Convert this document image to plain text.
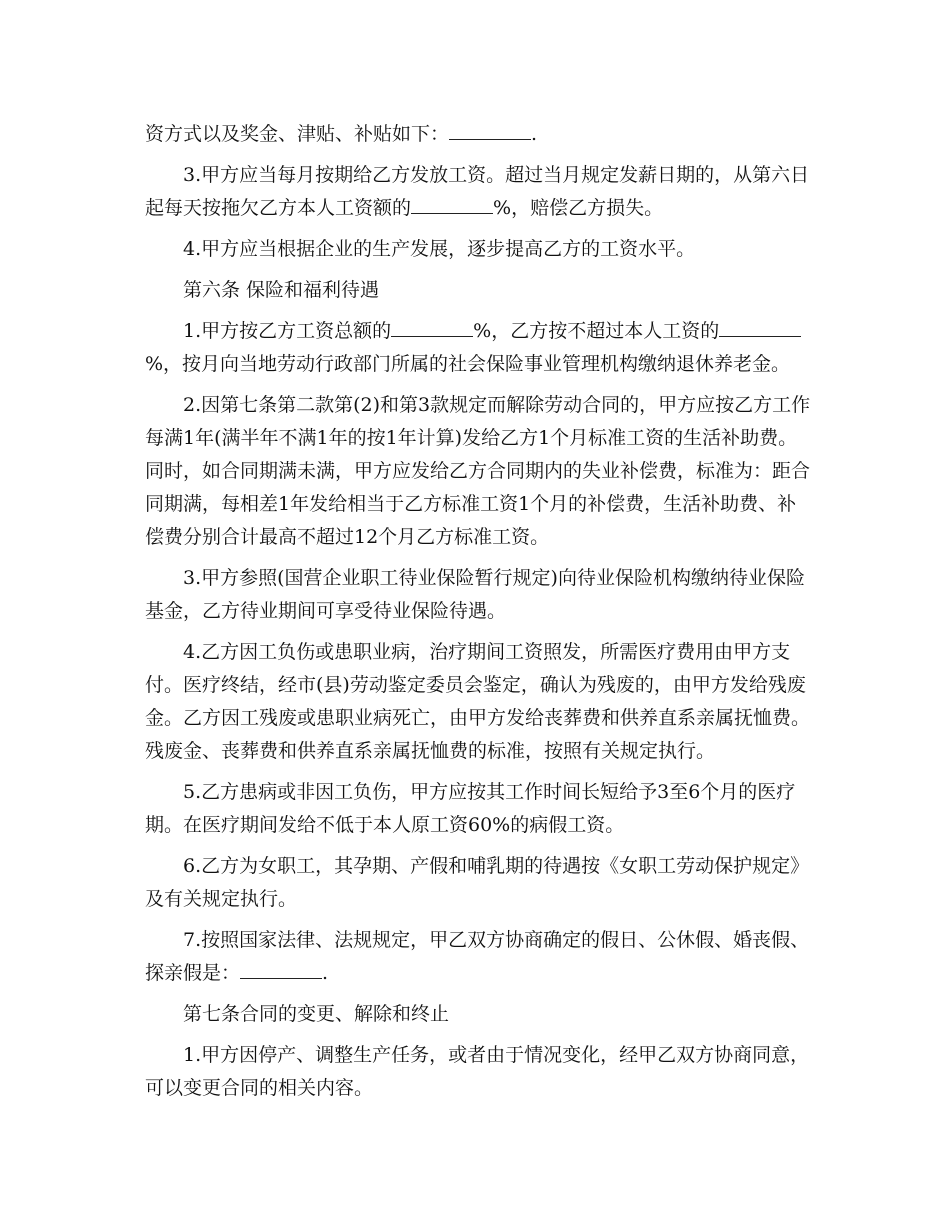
资方式以及奖金、津贴、补贴如下：	.

3.甲方应当每月按期给乙方发放工资。超过当月规定发薪日期的，从第六日
起每天按拖欠乙方本人工资额的	%，赔偿乙方损失。

4.甲方应当根据企业的生产发展，逐步提高乙方的工资水平。

第六条 保险和福利待遇

1.甲方按乙方工资总额的	%，乙方按不超过本人工资的
%，按月向当地劳动行政部门所属的社会保险事业管理机构缴纳退休养老金。

2.因第七条第二款第(2)和第3款规定而解除劳动合同的，甲方应按乙方工作
每满1年(满半年不满1年的按1年计算)发给乙方1个月标准工资的生活补助费。
同时，如合同期满未满，甲方应发给乙方合同期内的失业补偿费，标准为：距合
同期满，每相差1年发给相当于乙方标准工资1个月的补偿费，生活补助费、补
偿费分别合计最高不超过12个月乙方标准工资。

3.甲方参照(国营企业职工待业保险暂行规定)向待业保险机构缴纳待业保险
基金，乙方待业期间可享受待业保险待遇。

4.乙方因工负伤或患职业病，治疗期间工资照发，所需医疗费用由甲方支
付。医疗终结，经市(县)劳动鉴定委员会鉴定，确认为残废的，由甲方发给残废
金。乙方因工残废或患职业病死亡，由甲方发给丧葬费和供养直系亲属抚恤费。
残废金、丧葬费和供养直系亲属抚恤费的标准，按照有关规定执行。

5.乙方患病或非因工负伤，甲方应按其工作时间长短给予3至6个月的医疗
期。在医疗期间发给不低于本人原工资60%的病假工资。

6.乙方为女职工，其孕期、产假和哺乳期的待遇按《女职工劳动保护规定》
及有关规定执行。

7.按照国家法律、法规规定，甲乙双方协商确定的假日、公休假、婚丧假、
探亲假是：	.

第七条合同的变更、解除和终止

1.甲方因停产、调整生产任务，或者由于情况变化，经甲乙双方协商同意，
可以变更合同的相关内容。
